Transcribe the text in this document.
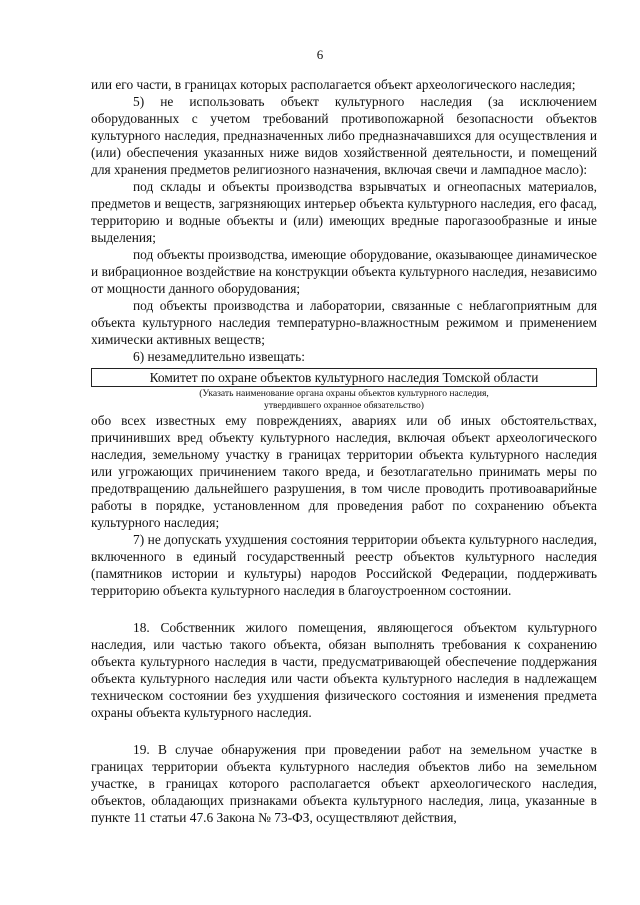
6

или его части, в границах которых располагается объект археологического наследия;

5) не использовать объект культурного наследия (за исключением оборудованных с учетом требований противопожарной безопасности объектов культурного наследия, предназначенных либо предназначавшихся для осуществления и (или) обеспечения указанных ниже видов хозяйственной деятельности, и помещений для хранения предметов религиозного назначения, включая свечи и лампадное масло):

под склады и объекты производства взрывчатых и огнеопасных материалов, предметов и веществ, загрязняющих интерьер объекта культурного наследия, его фасад, территорию и водные объекты и (или) имеющих вредные парогазообразные и иные выделения;

под объекты производства, имеющие оборудование, оказывающее динамическое и вибрационное воздействие на конструкции объекта культурного наследия, независимо от мощности данного оборудования;

под объекты производства и лаборатории, связанные с неблагоприятным для объекта культурного наследия температурно-влажностным режимом и применением химически активных веществ;

6) незамедлительно извещать:

Комитет по охране объектов культурного наследия Томской области
(Указать наименование органа охраны объектов культурного наследия,
утвердившего охранное обязательство)

обо всех известных ему повреждениях, авариях или об иных обстоятельствах, причинивших вред объекту культурного наследия, включая объект археологического наследия, земельному участку в границах территории объекта культурного наследия или угрожающих причинением такого вреда, и безотлагательно принимать меры по предотвращению дальнейшего разрушения, в том числе проводить противоаварийные работы в порядке, установленном для проведения работ по сохранению объекта культурного наследия;

7) не допускать ухудшения состояния территории объекта культурного наследия, включенного в единый государственный реестр объектов культурного наследия (памятников истории и культуры) народов Российской Федерации, поддерживать территорию объекта культурного наследия в благоустроенном состоянии.

18. Собственник жилого помещения, являющегося объектом культурного наследия, или частью такого объекта, обязан выполнять требования к сохранению объекта культурного наследия в части, предусматривающей обеспечение поддержания объекта культурного наследия или части объекта культурного наследия в надлежащем техническом состоянии без ухудшения физического состояния и изменения предмета охраны объекта культурного наследия.

19. В случае обнаружения при проведении работ на земельном участке в границах территории объекта культурного наследия объектов либо на земельном участке, в границах которого располагается объект археологического наследия, объектов, обладающих признаками объекта культурного наследия, лица, указанные в пункте 11 статьи 47.6 Закона № 73-ФЗ, осуществляют действия,
